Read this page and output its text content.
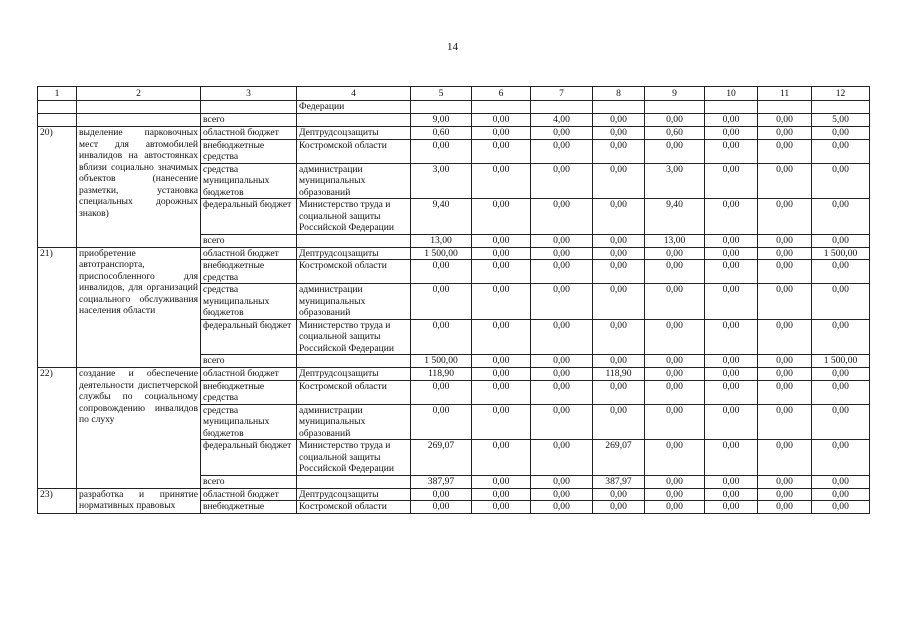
14
1	2	3	4	5	6	7	8	9	10	11	12
			Федерации								
		всего		9,00	0,00	4,00	0,00	0,00	0,00	0,00	5,00
20)	выделение парковочных мест для автомобилей инвалидов на автостоянках вблизи социально значимых объектов (нанесение разметки, установка специальных дорожных знаков)	областной бюджет	Дептрудсоцзащиты	0,60	0,00	0,00	0,00	0,60	0,00	0,00	0,00
		внебюджетные средства	Костромской области	0,00	0,00	0,00	0,00	0,00	0,00	0,00	0,00
		средства муниципальных бюджетов	администрации муниципальных образований	3,00	0,00	0,00	0,00	3,00	0,00	0,00	0,00
		федеральный бюджет	Министерство труда и социальной защиты Российской Федерации	9,40	0,00	0,00	0,00	9,40	0,00	0,00	0,00
		всего		13,00	0,00	0,00	0,00	13,00	0,00	0,00	0,00
21)	приобретение автотранспорта, приспособленного для инвалидов, для организаций социального обслуживания населения области	областной бюджет	Дептрудсоцзащиты	1 500,00	0,00	0,00	0,00	0,00	0,00	0,00	1 500,00
		внебюджетные средства	Костромской области	0,00	0,00	0,00	0,00	0,00	0,00	0,00	0,00
		средства муниципальных бюджетов	администрации муниципальных образований	0,00	0,00	0,00	0,00	0,00	0,00	0,00	0,00
		федеральный бюджет	Министерство труда и социальной защиты Российской Федерации	0,00	0,00	0,00	0,00	0,00	0,00	0,00	0,00
		всего		1 500,00	0,00	0,00	0,00	0,00	0,00	0,00	1 500,00
22)	создание и обеспечение деятельности диспетчерской службы по социальному сопровождению инвалидов по слуху	областной бюджет	Дептрудсоцзащиты	118,90	0,00	0,00	118,90	0,00	0,00	0,00	0,00
		внебюджетные средства	Костромской области	0,00	0,00	0,00	0,00	0,00	0,00	0,00	0,00
		средства муниципальных бюджетов	администрации муниципальных образований	0,00	0,00	0,00	0,00	0,00	0,00	0,00	0,00
		федеральный бюджет	Министерство труда и социальной защиты Российской Федерации	269,07	0,00	0,00	269,07	0,00	0,00	0,00	0,00
		всего		387,97	0,00	0,00	387,97	0,00	0,00	0,00	0,00
23)	разработка и принятие нормативных правовых	областной бюджет	Дептрудсоцзащиты	0,00	0,00	0,00	0,00	0,00	0,00	0,00	0,00
		внебюджетные	Костромской области	0,00	0,00	0,00	0,00	0,00	0,00	0,00	0,00
